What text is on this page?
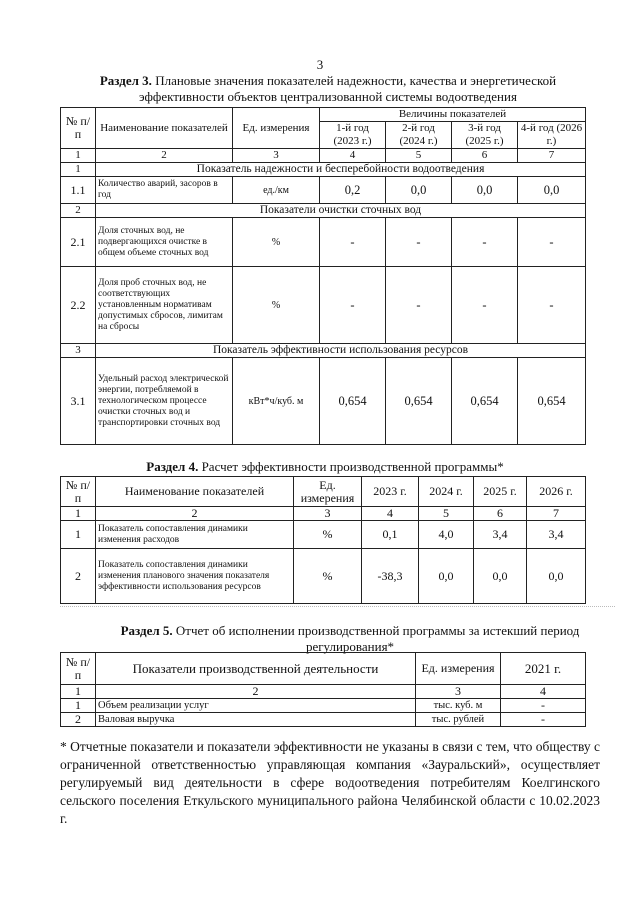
3
Раздел 3. Плановые значения показателей надежности, качества и энергетической эффективности объектов централизованной системы водоотведения
№ п/п	Наименование показателей	Ед. измерения	Величины показателей			
			1-й год (2023 г.)	2-й год (2024 г.)	3-й год (2025 г.)	4-й год (2026 г.)
1	2	3	4	5	6	7
1	Показатель надежности и бесперебойности водоотведения					
1.1	Количество аварий, засоров в год	ед./км	0,2	0,0	0,0	0,0
2	Показатели очистки сточных вод					
2.1	Доля сточных вод, не подвергающихся очистке в общем объеме сточных вод	%	-	-	-	-
2.2	Доля проб сточных вод, не соответствующих установленным нормативам допустимых сбросов, лимитам на сбросы	%	-	-	-	-
3	Показатель эффективности использования ресурсов					
3.1	Удельный расход электрической энергии, потребляемой в технологическом процессе очистки сточных вод и транспортировки сточных вод	кВт*ч/куб. м	0,654	0,654	0,654	0,654
Раздел 4. Расчет эффективности производственной программы*
№ п/п	Наименование показателей	Ед. измерения	2023 г.	2024 г.	2025 г.	2026 г.
1	2	3	4	5	6	7
1	Показатель сопоставления динамики изменения расходов	%	0,1	4,0	3,4	3,4
2	Показатель сопоставления динамики изменения планового значения показателя эффективности использования ресурсов	%	-38,3	0,0	0,0	0,0
Раздел 5. Отчет об исполнении производственной программы за истекший период регулирования*
№ п/п	Показатели производственной деятельности	Ед. измерения	2021 г.
1	2	3	4
1	Объем реализации услуг	тыс. куб. м	-
2	Валовая выручка	тыс. рублей	-
* Отчетные показатели и показатели эффективности не указаны в связи с тем, что обществу с ограниченной ответственностью управляющая компания «Зауральский», осуществляет регулируемый вид деятельности в сфере водоотведения потребителям Коелгинского сельского поселения Еткульского муниципального района Челябинской области с 10.02.2023 г.
